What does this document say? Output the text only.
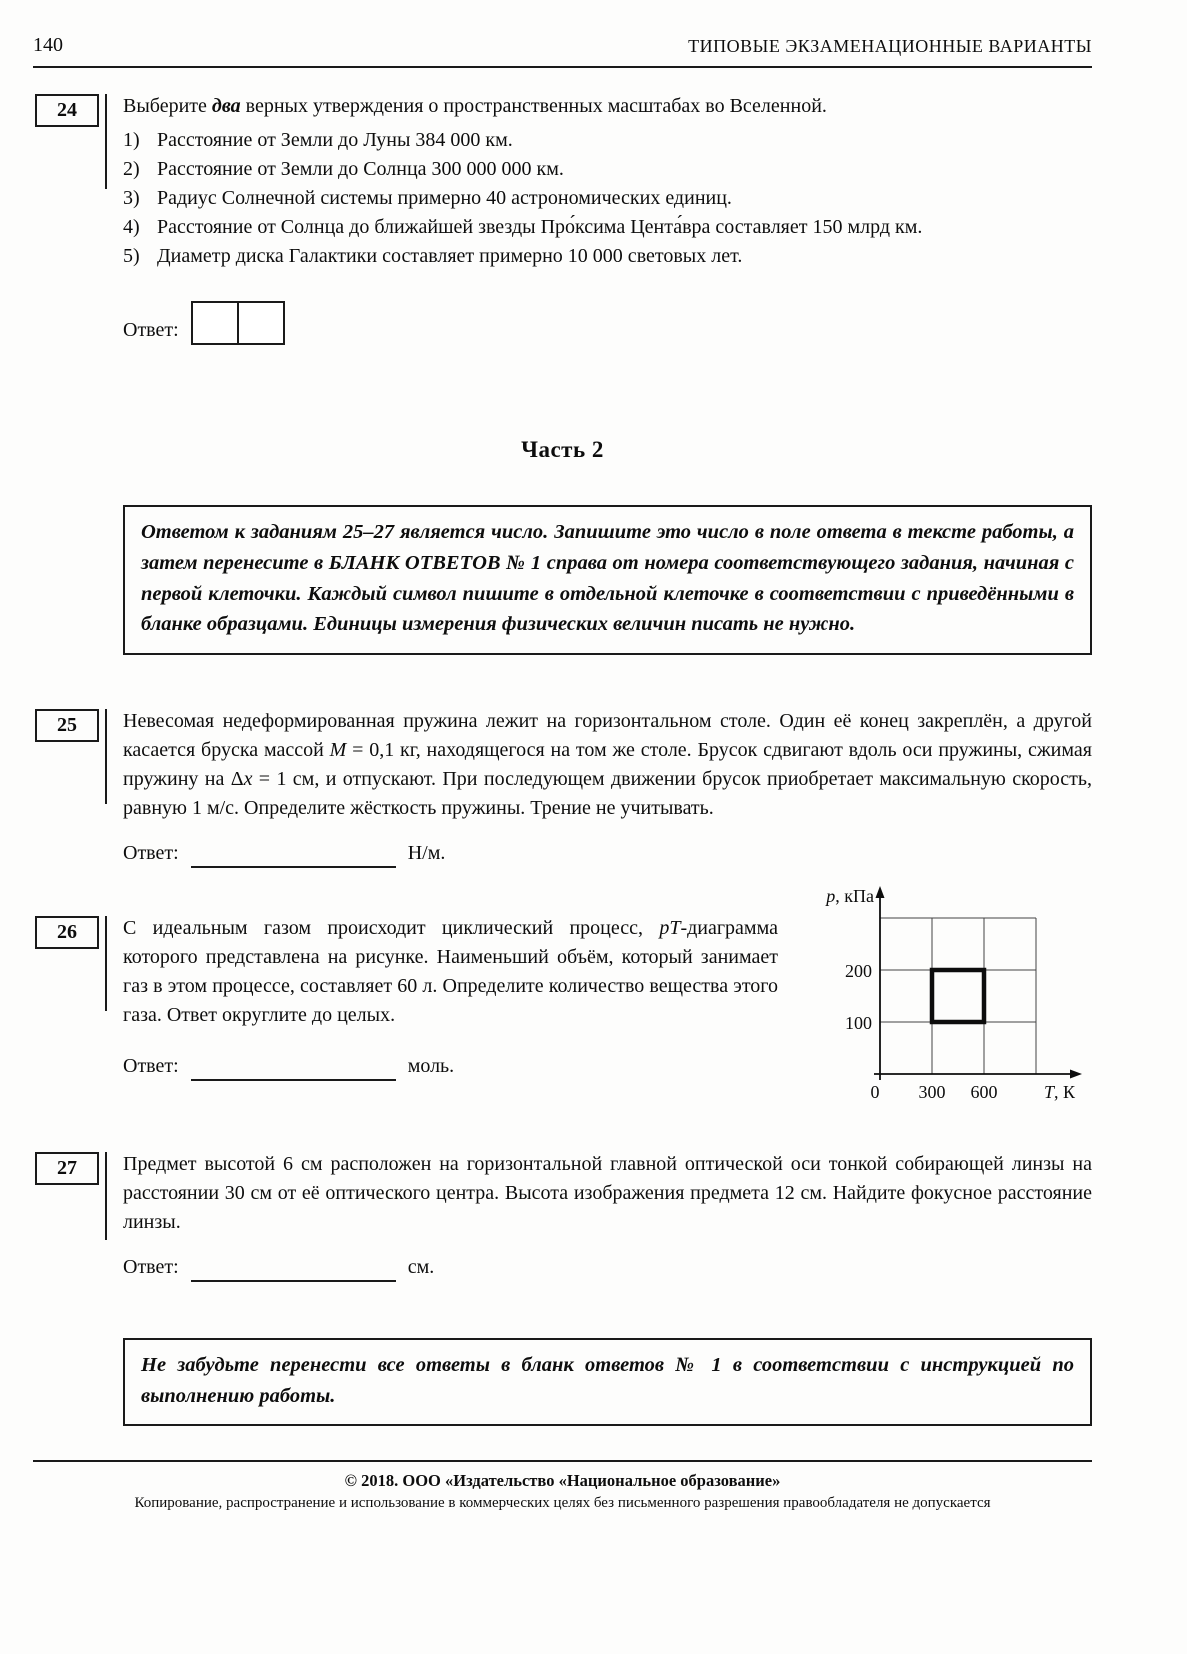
140	ТИПОВЫЕ ЭКЗАМЕНАЦИОННЫЕ ВАРИАНТЫ
24	Выберите два верных утверждения о пространственных масштабах во Вселенной.

1) Расстояние от Земли до Луны 384 000 км.
2) Расстояние от Земли до Солнца 300 000 000 км.
3) Радиус Солнечной системы примерно 40 астрономических единиц.
4) Расстояние от Солнца до ближайшей звезды Про́ксима Цента́вра составляет 150 млрд км.
5) Диаметр диска Галактики составляет примерно 10 000 световых лет.
Ответ:
Часть 2
Ответом к заданиям 25–27 является число. Запишите это число в поле ответа в тексте работы, а затем перенесите в БЛАНК ОТВЕТОВ № 1 справа от номера соответствующего задания, начиная с первой клеточки. Каждый символ пишите в отдельной клеточке в соответствии с приведёнными в бланке образцами. Единицы измерения физических величин писать не нужно.
25	Невесомая недеформированная пружина лежит на горизонтальном столе. Один её конец закреплён, а другой касается бруска массой M = 0,1 кг, находящегося на том же столе. Брусок сдвигают вдоль оси пружины, сжимая пружину на Δx = 1 см, и отпускают. При последующем движении брусок приобретает максимальную скорость, равную 1 м/с. Определите жёсткость пружины. Трение не учитывать.

Ответ:	Н/м.
26	С идеальным газом происходит циклический процесс, pT-диаграмма которого представлена на рисунке. Наименьший объём, который занимает газ в этом процессе, составляет 60 л. Определите количество вещества этого газа. Ответ округлите до целых.

Ответ:	моль.
p, кПа
200
100
0 300 600	T, К
27	Предмет высотой 6 см расположен на горизонтальной главной оптической оси тонкой собирающей линзы на расстоянии 30 см от её оптического центра. Высота изображения предмета 12 см. Найдите фокусное расстояние линзы.

Ответ:	см.
Не забудьте перенести все ответы в бланк ответов № 1 в соответствии с инструкцией по выполнению работы.
© 2018. ООО «Издательство «Национальное образование»
Копирование, распространение и использование в коммерческих целях без письменного разрешения правообладателя не допускается
